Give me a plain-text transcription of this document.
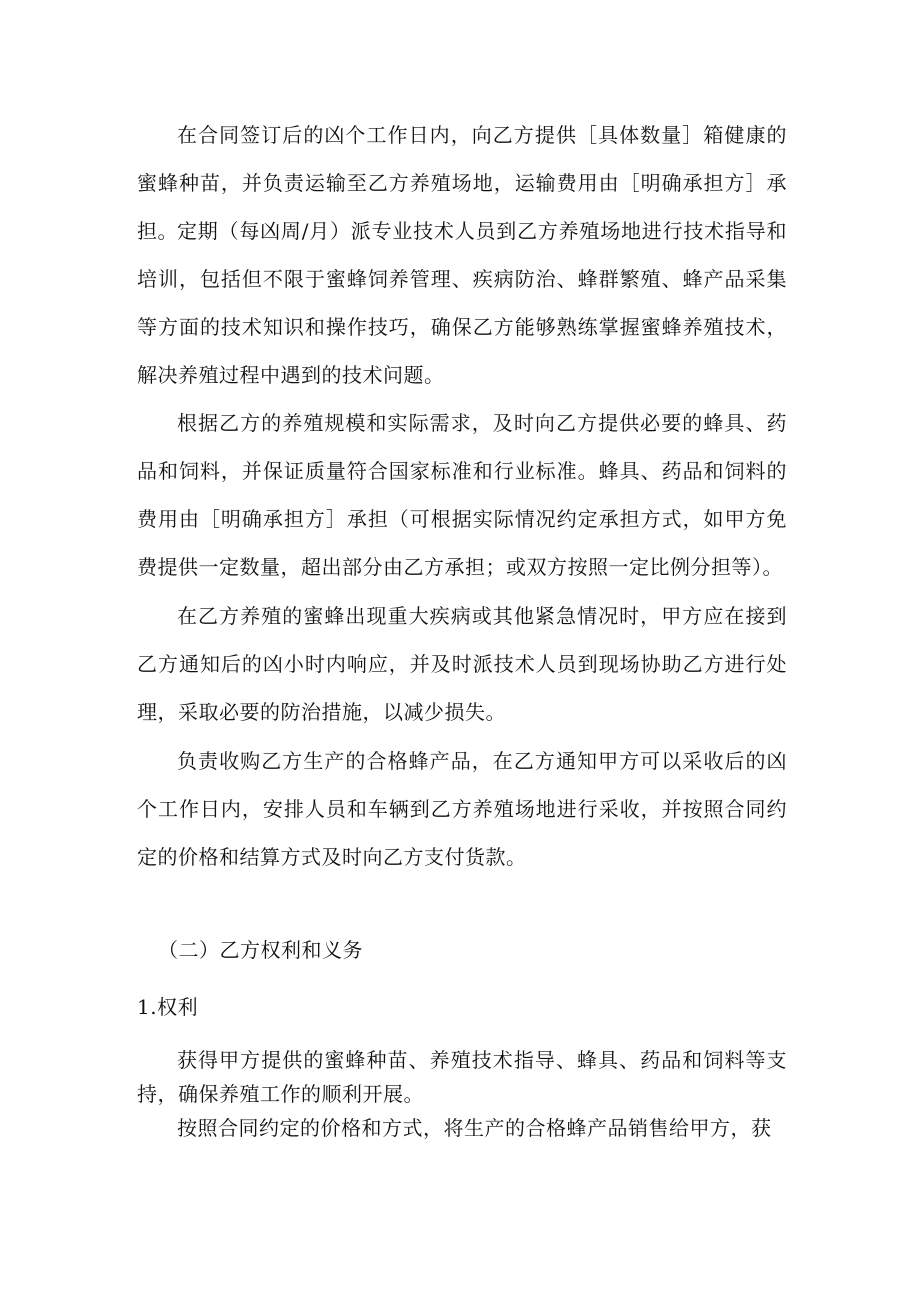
在合同签订后的凶个工作日内，向乙方提供［具体数量］箱健康的蜜蜂种苗，并负责运输至乙方养殖场地，运输费用由［明确承担方］承担。 定期（每凶周/月）派专业技术人员到乙方养殖场地进行技术指导和培训，包括但不限于蜜蜂饲养管理、疾病防治、蜂群繁殖、蜂产品采集等方面的技术知识和操作技巧，确保乙方能够熟练掌握蜜蜂养殖技术，解决养殖过程中遇到的技术问题。

根据乙方的养殖规模和实际需求，及时向乙方提供必要的蜂具、药品和饲料，并保证质量符合国家标准和行业标准。蜂具、药品和饲料的费用由［明确承担方］承担（可根据实际情况约定承担方式，如甲方免费提供一定数量，超出部分由乙方承担；或双方按照一定比例分担等）。

在乙方养殖的蜜蜂出现重大疾病或其他紧急情况时，甲方应在接到乙方通知后的凶小时内响应，并及时派技术人员到现场协助乙方进行处理，采取必要的防治措施，以减少损失。

负责收购乙方生产的合格蜂产品，在乙方通知甲方可以采收后的凶个工作日内，安排人员和车辆到乙方养殖场地进行采收，并按照合同约定的价格和结算方式及时向乙方支付货款。

（二）乙方权利和义务
1.权利

获得甲方提供的蜜蜂种苗、养殖技术指导、蜂具、药品和饲料等支持，确保养殖工作的顺利开展。

按照合同约定的价格和方式，将生产的合格蜂产品销售给甲方，获
